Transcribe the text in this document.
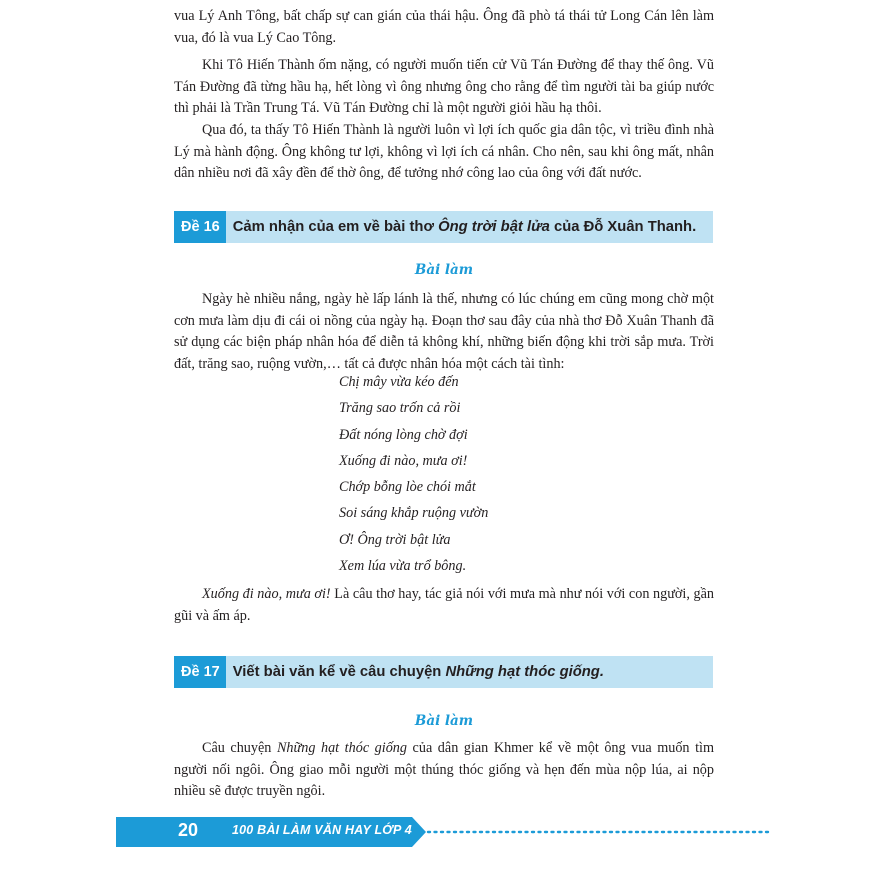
vua Lý Anh Tông, bất chấp sự can gián của thái hậu. Ông đã phò tá thái tử Long Cán lên làm vua, đó là vua Lý Cao Tông.

Khi Tô Hiến Thành ốm nặng, có người muốn tiến cử Vũ Tán Đường để thay thế ông. Vũ Tán Đường đã từng hầu hạ, hết lòng vì ông nhưng ông cho rằng để tìm người tài ba giúp nước thì phải là Trần Trung Tá. Vũ Tán Đường chỉ là một người giỏi hầu hạ thôi.

Qua đó, ta thấy Tô Hiến Thành là người luôn vì lợi ích quốc gia dân tộc, vì triều đình nhà Lý mà hành động. Ông không tư lợi, không vì lợi ích cá nhân. Cho nên, sau khi ông mất, nhân dân nhiều nơi đã xây đền để thờ ông, để tưởng nhớ công lao của ông với đất nước.

Đề 16 Cảm nhận của em về bài thơ Ông trời bật lửa của Đỗ Xuân Thanh.
Bài làm

Ngày hè nhiều nắng, ngày hè lấp lánh là thế, nhưng có lúc chúng em cũng mong chờ một cơn mưa làm dịu đi cái oi nồng của ngày hạ. Đoạn thơ sau đây của nhà thơ Đỗ Xuân Thanh đã sử dụng các biện pháp nhân hóa để diễn tả không khí, những biến động khi trời sắp mưa. Trời đất, trăng sao, ruộng vườn,… tất cả được nhân hóa một cách tài tình:

Chị mây vừa kéo đến
Trăng sao trốn cả rồi
Đất nóng lòng chờ đợi
Xuống đi nào, mưa ơi!
Chớp bỗng lòe chói mắt
Soi sáng khắp ruộng vườn
Ơ! Ông trời bật lửa
Xem lúa vừa trổ bông.

Xuống đi nào, mưa ơi! Là câu thơ hay, tác giả nói với mưa mà như nói với con người, gần gũi và ấm áp.

Đề 17 Viết bài văn kể về câu chuyện Những hạt thóc giống.
Bài làm

Câu chuyện Những hạt thóc giống của dân gian Khmer kể về một ông vua muốn tìm người nối ngôi. Ông giao mỗi người một thúng thóc giống và hẹn đến mùa nộp lúa, ai nộp nhiều sẽ được truyền ngôi.

20	100 BÀI LÀM VĂN HAY LỚP 4
